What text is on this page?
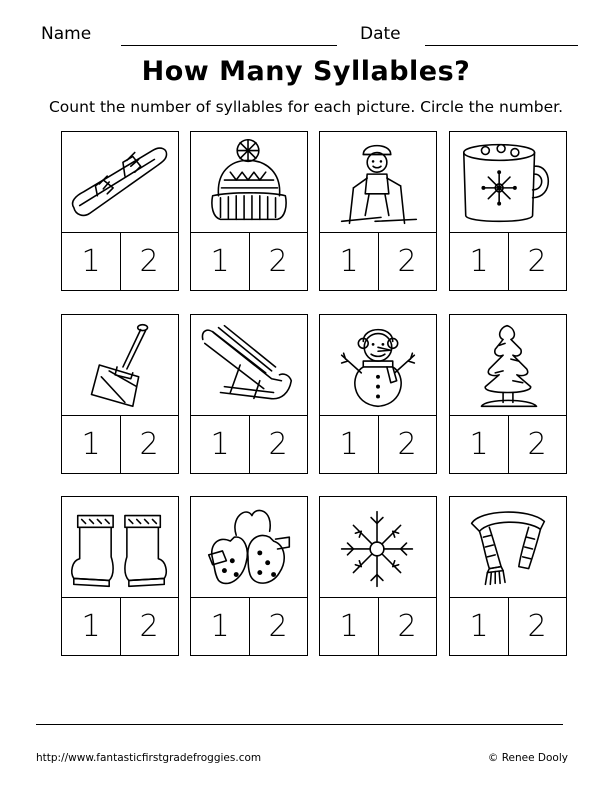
Name	Date
How Many Syllables?
Count the number of syllables for each picture. Circle the number.
1	2	1	2	1	2	1	2
1	2	1	2	1	2	1	2
1	2	1	2	1	2	1	2
http://www.fantasticfirstgradefroggies.com	© Renee Dooly
